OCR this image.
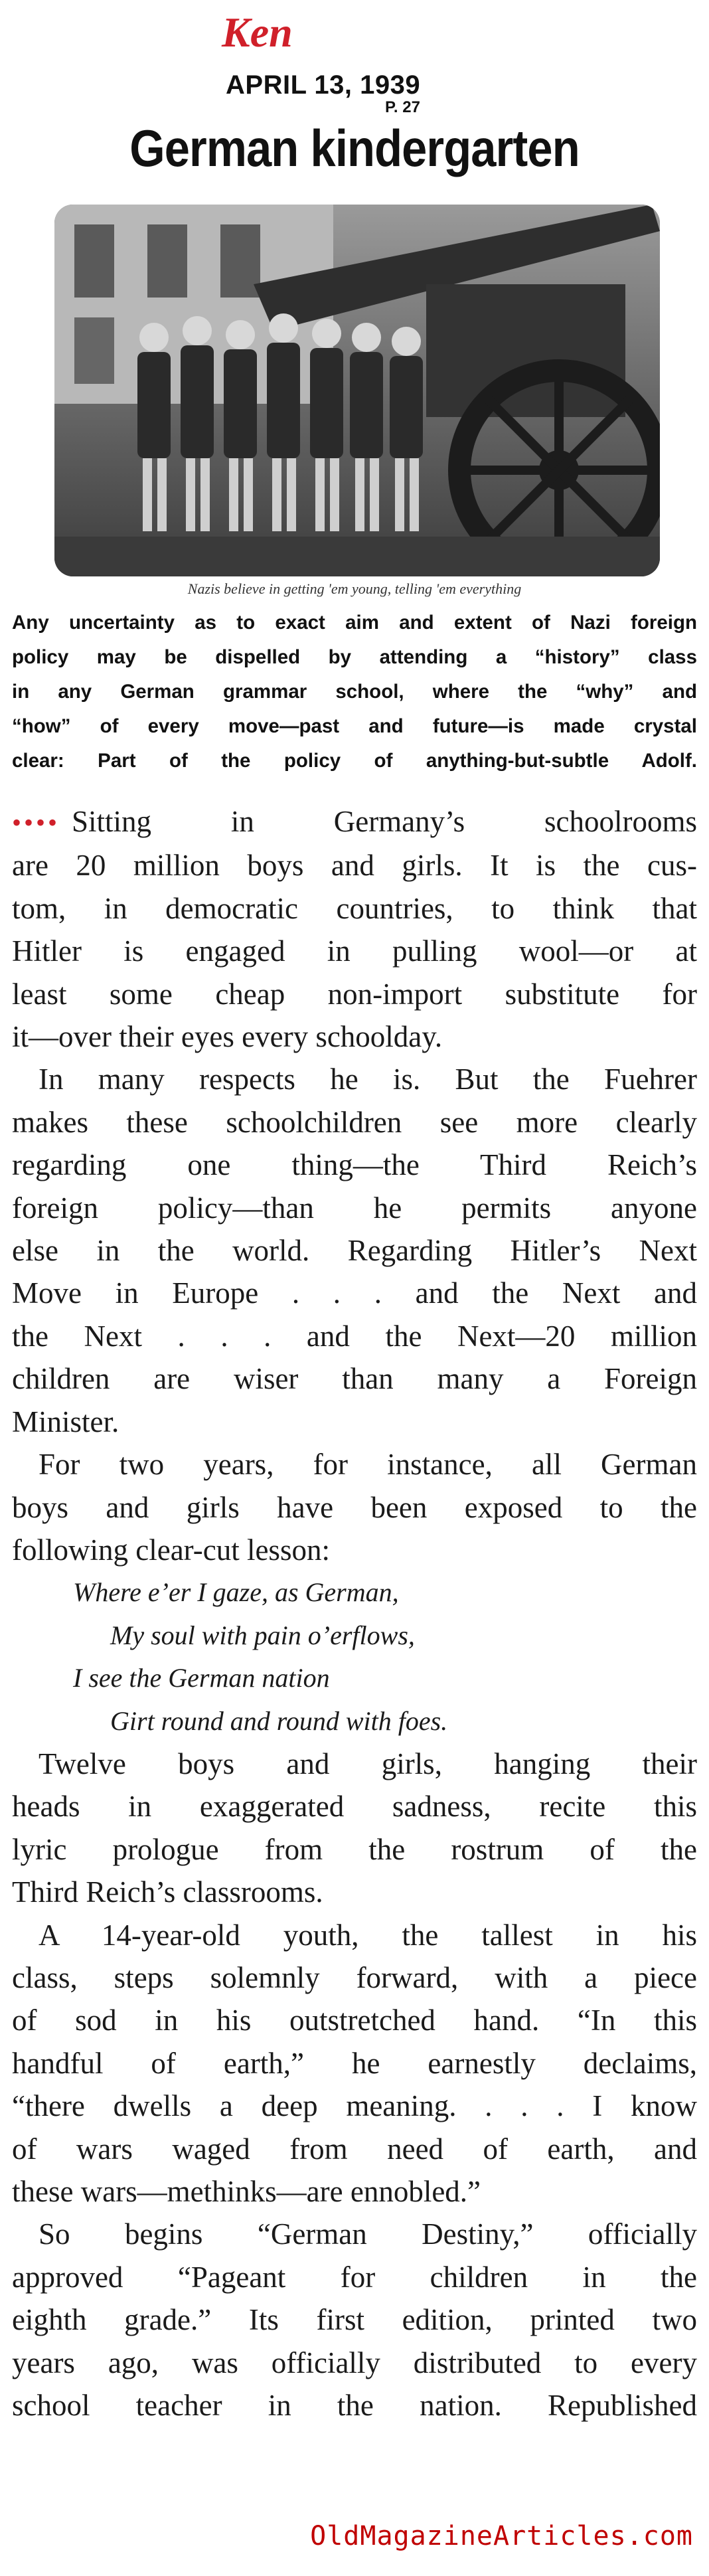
Ken
APRIL 13, 1939
P. 27
German kindergarten
Nazis believe in getting 'em young, telling 'em everything
Any uncertainty as to exact aim and extent of Nazi foreign
policy may be dispelled by attending a “history” class
in any German grammar school, where the “why” and
“how” of every move—past and future—is made crystal
clear: Part of the policy of anything-but-subtle Adolf.
•••• Sitting in Germany’s schoolrooms
are 20 million boys and girls. It is the cus-
tom, in democratic countries, to think that
Hitler is engaged in pulling wool—or at
least some cheap non-import substitute for
it—over their eyes every schoolday.
In many respects he is. But the Fuehrer
makes these schoolchildren see more clearly
regarding one thing—the Third Reich’s
foreign policy—than he permits anyone
else in the world. Regarding Hitler’s Next
Move in Europe . . . and the Next and
the Next . . . and the Next—20 million
children are wiser than many a Foreign
Minister.
For two years, for instance, all German
boys and girls have been exposed to the
following clear-cut lesson:
Where e’er I gaze, as German,
My soul with pain o’erflows,
I see the German nation
Girt round and round with foes.
Twelve boys and girls, hanging their
heads in exaggerated sadness, recite this
lyric prologue from the rostrum of the
Third Reich’s classrooms.
A 14-year-old youth, the tallest in his
class, steps solemnly forward, with a piece
of sod in his outstretched hand. “In this
handful of earth,” he earnestly declaims,
“there dwells a deep meaning. . . . I know
of wars waged from need of earth, and
these wars—methinks—are ennobled.”
So begins “German Destiny,” officially
approved “Pageant for children in the
eighth grade.” Its first edition, printed two
years ago, was officially distributed to every
school teacher in the nation. Republished
OldMagazineArticles.com
